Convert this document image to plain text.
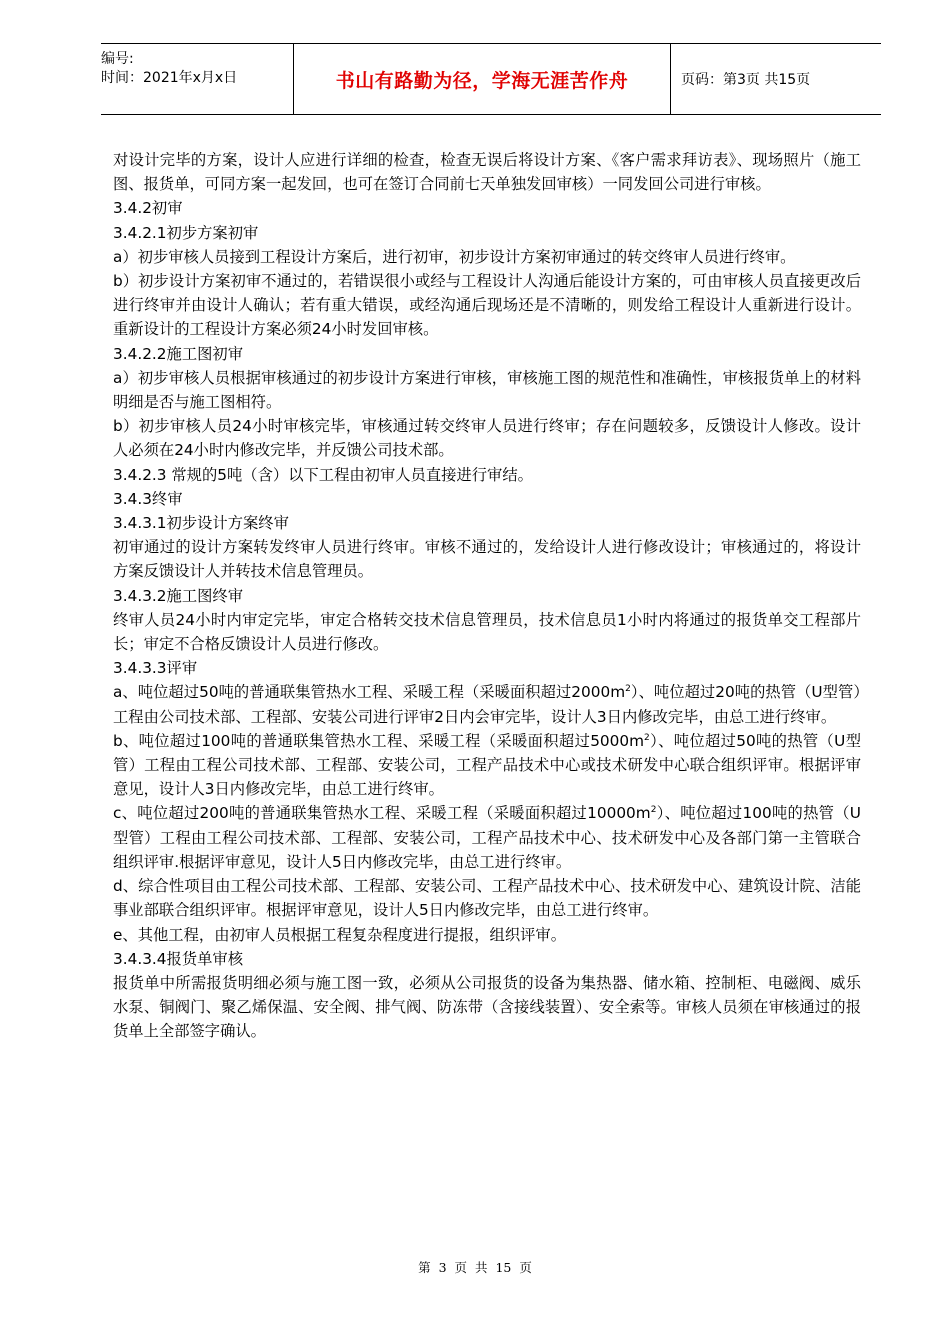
编号:
时间：2021年x月x日	书山有路勤为径，学海无涯苦作舟	页码：第3页 共15页

对设计完毕的方案，设计人应进行详细的检查，检查无误后将设计方案、《客户需求拜访表》、现场照片（施工图、报货单，可同方案一起发回，也可在签订合同前七天单独发回审核）一同发回公司进行审核。

3.4.2初审

3.4.2.1初步方案初审

a）初步审核人员接到工程设计方案后，进行初审，初步设计方案初审通过的转交终审人员进行终审。

b）初步设计方案初审不通过的，若错误很小或经与工程设计人沟通后能设计方案的，可由审核人员直接更改后进行终审并由设计人确认；若有重大错误，或经沟通后现场还是不清晰的，则发给工程设计人重新进行设计。重新设计的工程设计方案必须24小时发回审核。

3.4.2.2施工图初审

a）初步审核人员根据审核通过的初步设计方案进行审核，审核施工图的规范性和准确性，审核报货单上的材料明细是否与施工图相符。

b）初步审核人员24小时审核完毕，审核通过转交终审人员进行终审；存在问题较多，反馈设计人修改。设计人必须在24小时内修改完毕，并反馈公司技术部。

3.4.2.3 常规的5吨（含）以下工程由初审人员直接进行审结。

3.4.3终审

3.4.3.1初步设计方案终审

初审通过的设计方案转发终审人员进行终审。审核不通过的，发给设计人进行修改设计；审核通过的，将设计方案反馈设计人并转技术信息管理员。

3.4.3.2施工图终审

终审人员24小时内审定完毕，审定合格转交技术信息管理员，技术信息员1小时内将通过的报货单交工程部片长；审定不合格反馈设计人员进行修改。

3.4.3.3评审

a、吨位超过50吨的普通联集管热水工程、采暖工程（采暖面积超过$2000m^2$）、吨位超过20吨的热管（U型管）工程由公司技术部、工程部、安装公司进行评审2日内会审完毕，设计人3日内修改完毕，由总工进行终审。

b、吨位超过100吨的普通联集管热水工程、采暖工程（采暖面积超过$5000m^2$）、吨位超过50吨的热管（U型管）工程由工程公司技术部、工程部、安装公司，工程产品技术中心或技术研发中心联合组织评审。根据评审意见，设计人3日内修改完毕，由总工进行终审。

c、吨位超过200吨的普通联集管热水工程、采暖工程（采暖面积超过$10000m^2$）、吨位超过100吨的热管（U型管）工程由工程公司技术部、工程部、安装公司，工程产品技术中心、技术研发中心及各部门第一主管联合组织评审.根据评审意见，设计人5日内修改完毕，由总工进行终审。

d、综合性项目由工程公司技术部、工程部、安装公司、工程产品技术中心、技术研发中心、建筑设计院、洁能事业部联合组织评审。根据评审意见，设计人5日内修改完毕，由总工进行终审。

e、其他工程，由初审人员根据工程复杂程度进行提报，组织评审。

3.4.3.4报货单审核

报货单中所需报货明细必须与施工图一致，必须从公司报货的设备为集热器、储水箱、控制柜、电磁阀、威乐水泵、铜阀门、聚乙烯保温、安全阀、排气阀、防冻带（含接线装置）、安全索等。审核人员须在审核通过的报货单上全部签字确认。

第 3 页 共 15 页
